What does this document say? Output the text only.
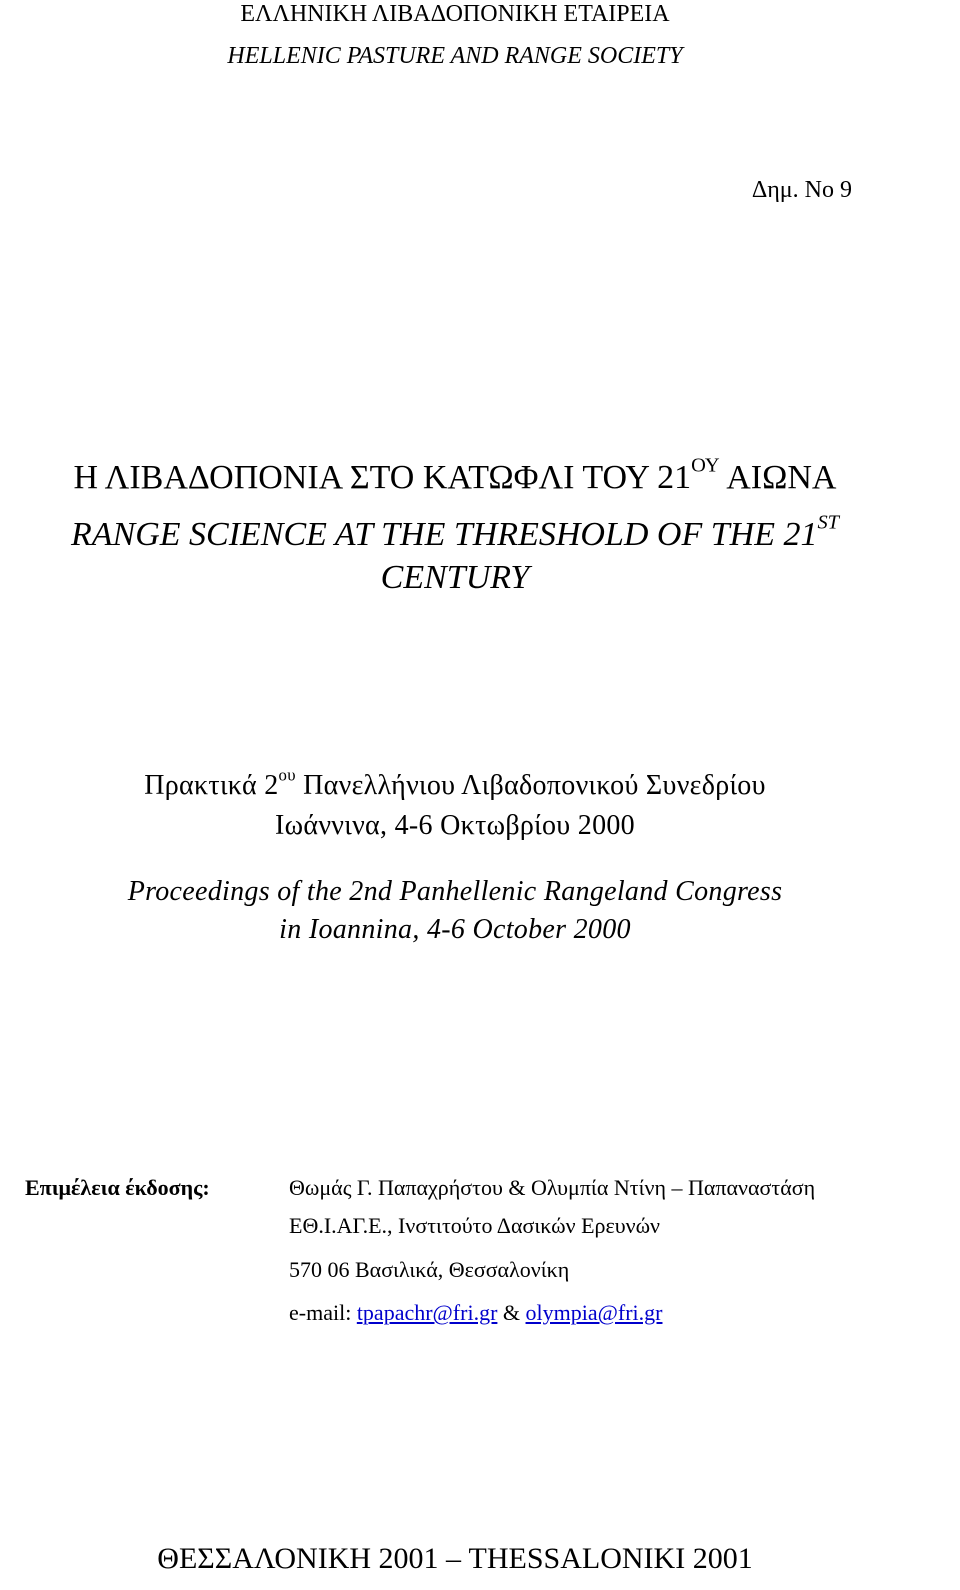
ΕΛΛΗΝΙΚΗ ΛΙΒΑΔΟΠΟΝΙΚΗ ΕΤΑΙΡΕΙΑ
HELLENIC PASTURE AND RANGE SOCIETY
Δημ. Νο 9
Η ΛΙΒΑΔΟΠΟΝΙΑ ΣΤΟ ΚΑΤΩΦΛΙ ΤΟΥ $21^{O\Upsilon}$ ΑΙΩΝΑ
RANGE SCIENCE AT THE THRESHOLD OF THE 21ST
CENTURY
Πρακτικά $2^{o\upsilon}$ Πανελλήνιου Λιβαδοπονικού Συνεδρίου
Ιωάννινα, 4-6 Οκτωβρίου 2000
Proceedings of the 2nd Panhellenic Rangeland Congress
in Ioannina, 4-6 October 2000
Επιμέλεια έκδοσης:	Θωμάς Γ. Παπαχρήστου & Ολυμπία Ντίνη – Παπαναστάση
ΕΘ.Ι.ΑΓ.Ε., Ινστιτούτο Δασικών Ερευνών
570 06 Βασιλικά, Θεσσαλονίκη
e-mail: tpapachr@fri.gr & olympia@fri.gr
ΘΕΣΣΑΛΟΝΙΚΗ 2001 – THESSALONIKI 2001
